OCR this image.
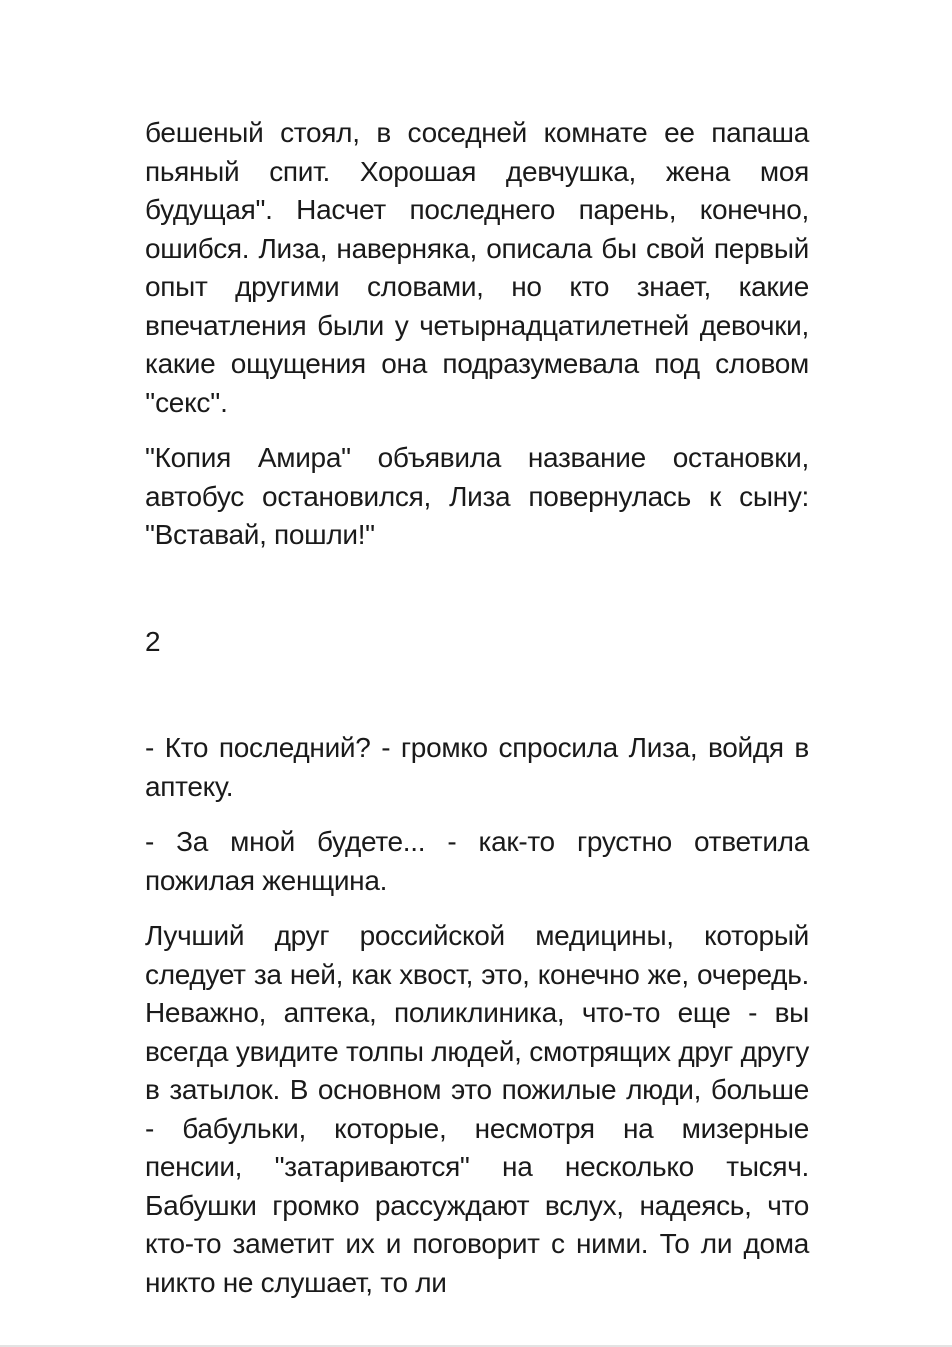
бешеный стоял, в соседней комнате ее папаша пьяный спит. Хорошая девчушка, жена моя будущая". Насчет последнего парень, конечно, ошибся. Лиза, наверняка, описала бы свой первый опыт другими словами, но кто знает, какие впечатления были у четырнадцатилетней девочки, какие ощущения она подразумевала под словом ''секс''.

"Копия Амира" объявила название остановки, автобус остановился, Лиза повернулась к сыну: "Вставай, пошли!"

2

- Кто последний? - громко спросила Лиза, войдя в аптеку.

- За мной будете... - как-то грустно ответила пожилая женщина.

Лучший друг российской медицины, который следует за ней, как хвост, это, конечно же, очередь. Неважно, аптека, поликлиника, что-то еще - вы всегда увидите толпы людей, смотрящих друг другу в затылок. В основном это пожилые люди, больше - бабульки, которые, несмотря на мизерные пенсии, "затариваются" на несколько тысяч. Бабушки громко рассуждают вслух, надеясь, что кто-то заметит их и поговорит с ними. То ли дома никто не слушает, то ли
